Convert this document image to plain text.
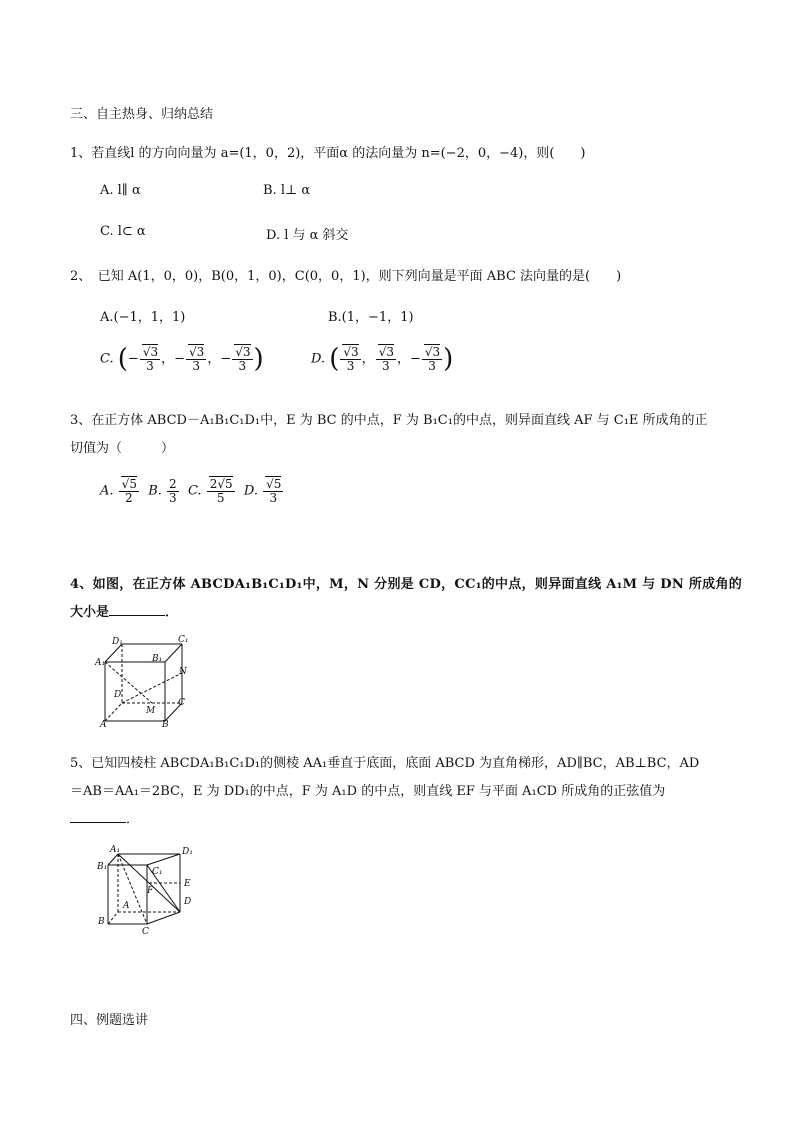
三、自主热身、归纳总结
1、若直线l 的方向向量为 a=(1，0，2)，平面α 的法向量为 n=(−2，0，−4)，则(　　)
A. l∥ α	B. l⊥ α
C. l⊂ α	D. l 与 α 斜交
2、　已知 A(1，0，0)，B(0，1，0)，C(0，0，1)，则下列向量是平面 ABC 法向量的是(　　)
A.(−1，1，1)	B.(1，−1，1)
C. (− $\frac{√3}{3}$ ，− $\frac{√3}{3}$ ，− $\frac{√3}{3}$ )	D. ( $\frac{√3}{3}$ ， $\frac{√3}{3}$ ，− $\frac{√3}{3}$ )
3、在正方体 ABCD－A₁B₁C₁D₁中，E 为 BC 的中点，F 为 B₁C₁的中点，则异面直线 AF 与 C₁E 所成角的正
切值为（　　　）
A. $\frac{√5}{2} B$. $\frac{2}{3} C$. $\frac{2√5}{5} D$. $\frac{√5}{3}$
4、如图，在正方体 ABCDA₁B₁C₁D₁中，M，N 分别是 CD，CC₁的中点，则异面直线 A₁M 与 DN 所成角的
大小是	．
D₁	C₁
A₁	B₁
N
D
M
C
A	B
5、已知四棱柱 ABCDA₁B₁C₁D₁的侧棱 AA₁垂直于底面，底面 ABCD 为直角梯形，AD∥BC，AB⊥BC，AD
＝AB＝AA₁＝2BC，E 为 DD₁的中点，F 为 A₁D 的中点，则直线 EF 与平面 A₁CD 所成角的正弦值为
．
A₁	D₁
B₁	C₁
F
E
A	D
B
C
四、例题选讲
